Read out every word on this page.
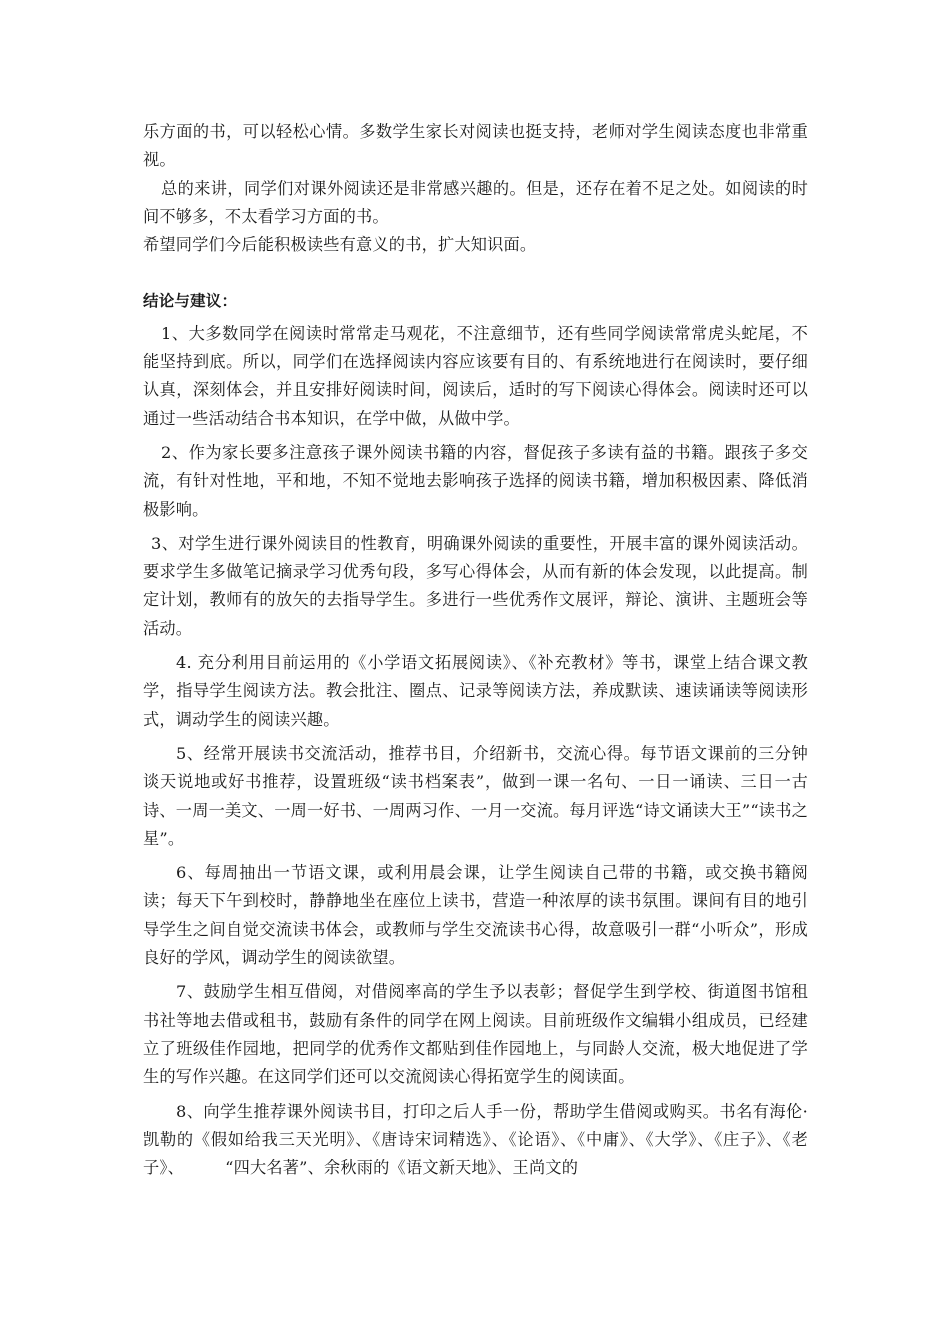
乐方面的书，可以轻松心情。多数学生家长对阅读也挺支持，老师对学生阅读态度也非常重视。

总的来讲，同学们对课外阅读还是非常感兴趣的。但是，还存在着不足之处。如阅读的时间不够多，不太看学习方面的书。

希望同学们今后能积极读些有意义的书，扩大知识面。

结论与建议：

1、大多数同学在阅读时常常走马观花，不注意细节，还有些同学阅读常常虎头蛇尾，不能坚持到底。所以，同学们在选择阅读内容应该要有目的、有系统地进行在阅读时，要仔细认真，深刻体会，并且安排好阅读时间，阅读后，适时的写下阅读心得体会。阅读时还可以通过一些活动结合书本知识，在学中做，从做中学。

2、作为家长要多注意孩子课外阅读书籍的内容，督促孩子多读有益的书籍。跟孩子多交流，有针对性地，平和地，不知不觉地去影响孩子选择的阅读书籍，增加积极因素、降低消极影响。

3、对学生进行课外阅读目的性教育，明确课外阅读的重要性，开展丰富的课外阅读活动。要求学生多做笔记摘录学习优秀句段，多写心得体会，从而有新的体会发现，以此提高。制定计划，教师有的放矢的去指导学生。多进行一些优秀作文展评，辩论、演讲、主题班会等活动。

4. 充分利用目前运用的《小学语文拓展阅读》、《补充教材》等书，课堂上结合课文教学，指导学生阅读方法。教会批注、圈点、记录等阅读方法，养成默读、速读诵读等阅读形式，调动学生的阅读兴趣。

5、经常开展读书交流活动，推荐书目，介绍新书，交流心得。每节语文课前的三分钟谈天说地或好书推荐，设置班级“读书档案表”，做到一课一名句、一日一诵读、三日一古诗、一周一美文、一周一好书、一周两习作、一月一交流。每月评选“诗文诵读大王”“读书之星”。

6、每周抽出一节语文课，或利用晨会课，让学生阅读自己带的书籍，或交换书籍阅读；每天下午到校时，静静地坐在座位上读书，营造一种浓厚的读书氛围。课间有目的地引导学生之间自觉交流读书体会，或教师与学生交流读书心得，故意吸引一群“小听众”，形成良好的学风，调动学生的阅读欲望。

7、鼓励学生相互借阅，对借阅率高的学生予以表彰；督促学生到学校、街道图书馆租书社等地去借或租书，鼓励有条件的同学在网上阅读。目前班级作文编辑小组成员，已经建立了班级佳作园地，把同学的优秀作文都贴到佳作园地上，与同龄人交流，极大地促进了学生的写作兴趣。在这同学们还可以交流阅读心得拓宽学生的阅读面。

8、向学生推荐课外阅读书目，打印之后人手一份，帮助学生借阅或购买。书名有海伦·凯勒的《假如给我三天光明》、《唐诗宋词精选》、《论语》、《中庸》、《大学》、《庄子》、《老子》、　　　“四大名著”、余秋雨的《语文新天地》、王尚文的
